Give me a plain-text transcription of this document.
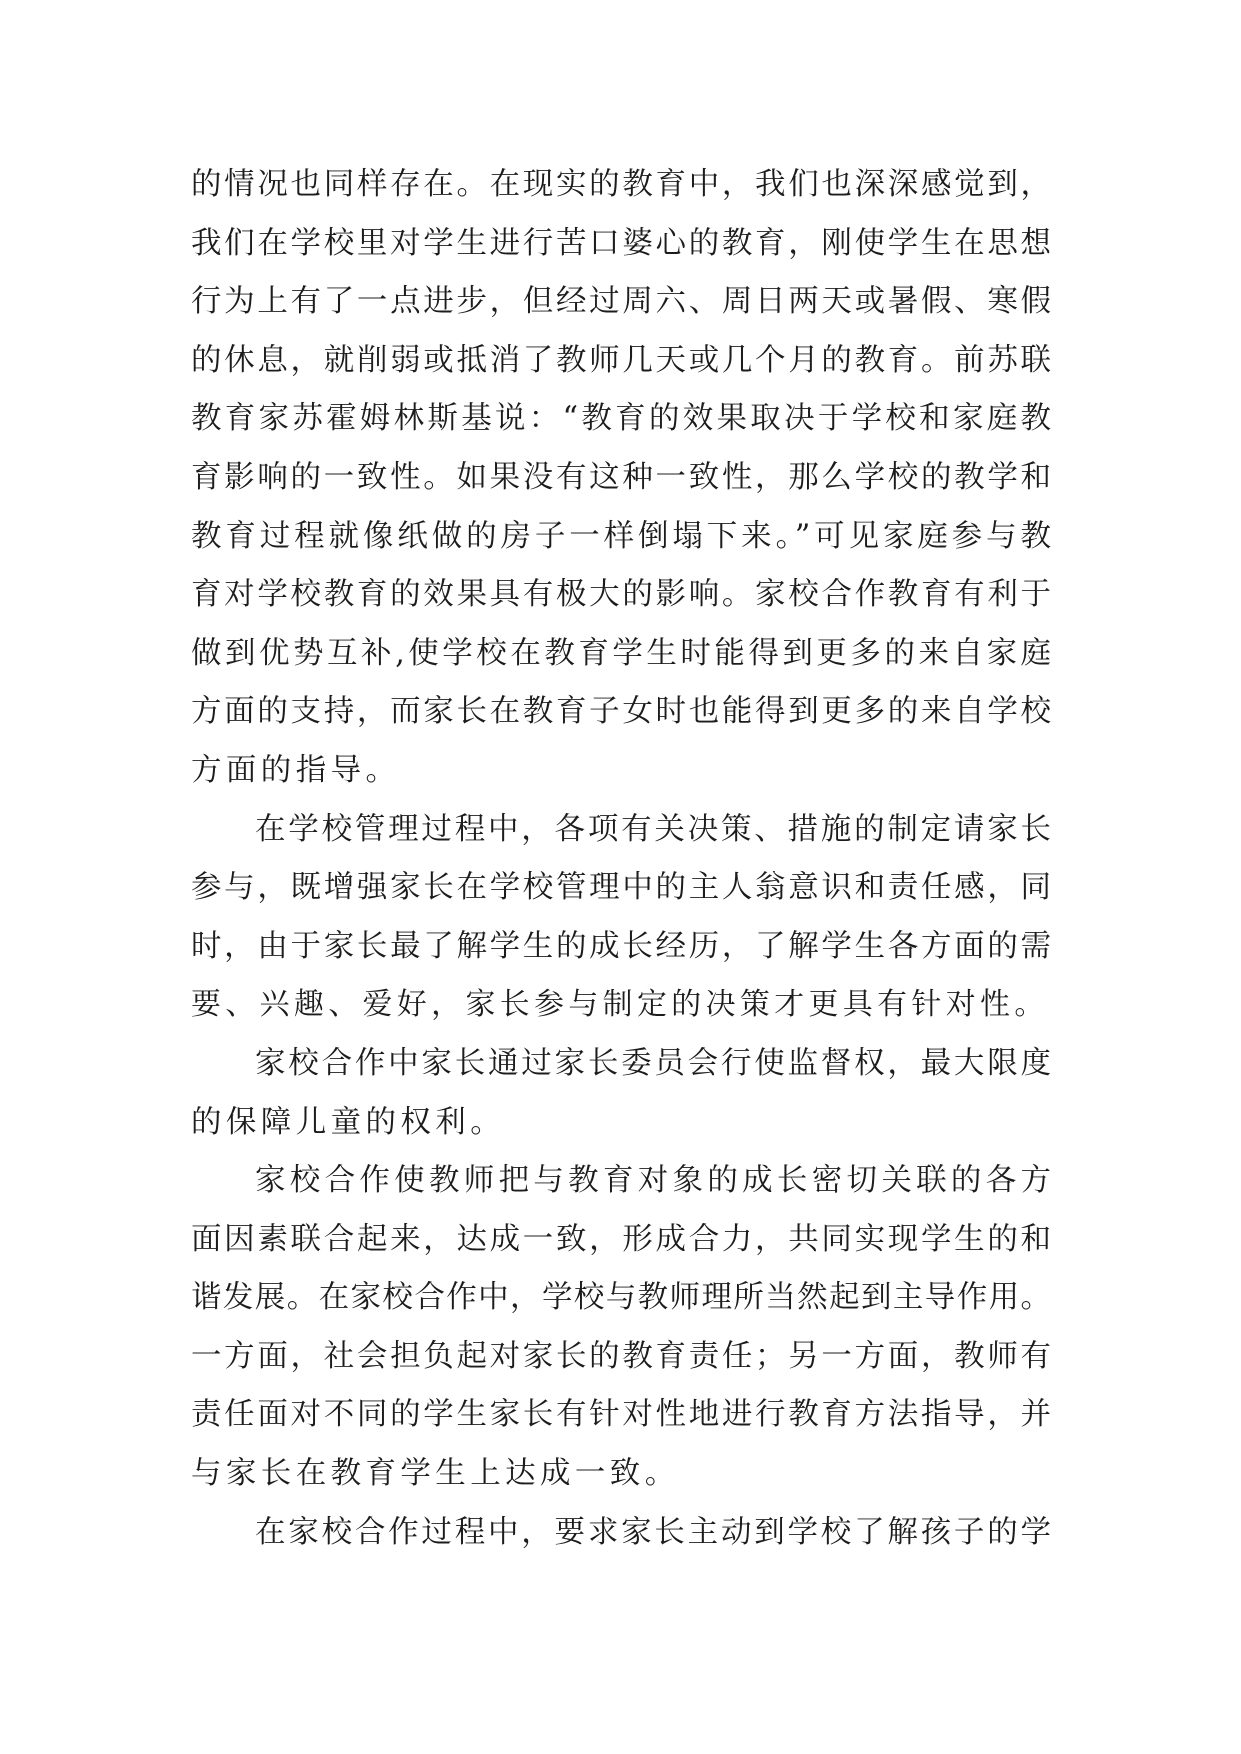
的情况也同样存在。在现实的教育中，我们也深深感觉到，
我们在学校里对学生进行苦口婆心的教育，刚使学生在思想
行为上有了一点进步，但经过周六、周日两天或暑假、寒假
的休息，就削弱或抵消了教师几天或几个月的教育。前苏联
教育家苏霍姆林斯基说：“教育的效果取决于学校和家庭教
育影响的一致性。如果没有这种一致性，那么学校的教学和
教育过程就像纸做的房子一样倒塌下来。”可见家庭参与教
育对学校教育的效果具有极大的影响。家校合作教育有利于
做到优势互补,使学校在教育学生时能得到更多的来自家庭
方面的支持，而家长在教育子女时也能得到更多的来自学校
方面的指导。
在学校管理过程中，各项有关决策、措施的制定请家长
参与，既增强家长在学校管理中的主人翁意识和责任感，同
时，由于家长最了解学生的成长经历，了解学生各方面的需
要、兴趣、爱好，家长参与制定的决策才更具有针对性。
家校合作中家长通过家长委员会行使监督权，最大限度
的保障儿童的权利。
家校合作使教师把与教育对象的成长密切关联的各方
面因素联合起来，达成一致，形成合力，共同实现学生的和
谐发展。在家校合作中，学校与教师理所当然起到主导作用。
一方面，社会担负起对家长的教育责任；另一方面，教师有
责任面对不同的学生家长有针对性地进行教育方法指导，并
与家长在教育学生上达成一致。
在家校合作过程中，要求家长主动到学校了解孩子的学
